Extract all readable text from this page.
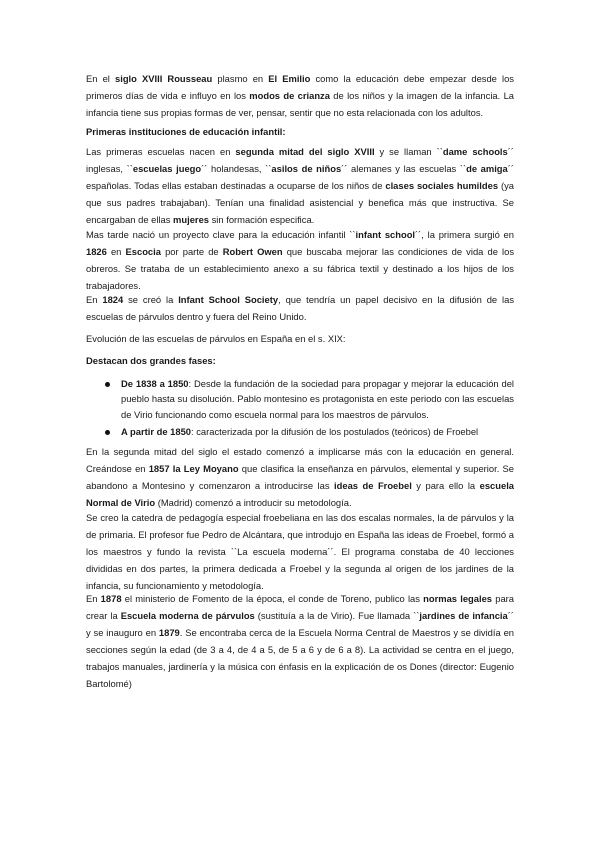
En el siglo XVIII Rousseau plasmo en El Emilio como la educación debe empezar desde los primeros días de vida e influyo en los modos de crianza de los niños y la imagen de la infancia. La infancia tiene sus propias formas de ver, pensar, sentir que no esta relacionada con los adultos.

Primeras instituciones de educación infantil:

Las primeras escuelas nacen en segunda mitad del siglo XVIII y se llaman ``dame schools´´ inglesas, ``escuelas juego´´ holandesas, ``asilos de niños´´ alemanes y las escuelas ``de amiga´´ españolas. Todas ellas estaban destinadas a ocuparse de los niños de clases sociales humildes (ya que sus padres trabajaban). Tenían una finalidad asistencial y benefica más que instructiva. Se encargaban de ellas mujeres sin formación especifica.

Mas tarde nació un proyecto clave para la educación infantil ``infant school´´, la primera surgió en 1826 en Escocia por parte de Robert Owen que buscaba mejorar las condiciones de vida de los obreros. Se trataba de un establecimiento anexo a su fábrica textil y destinado a los hijos de los trabajadores.

En 1824 se creó la Infant School Society, que tendría un papel decisivo en la difusión de las escuelas de párvulos dentro y fuera del Reino Unido.

Evolución de las escuelas de párvulos en España en el s. XIX:

Destacan dos grandes fases:

De 1838 a 1850: Desde la fundación de la sociedad para propagar y mejorar la educación del pueblo hasta su disolución. Pablo montesino es protagonista en este periodo con las escuelas de Virio funcionando como escuela normal para los maestros de párvulos.
A partir de 1850: caracterizada por la difusión de los postulados (teóricos) de Froebel

En la segunda mitad del siglo el estado comenzó a implicarse más con la educación en general. Creándose en 1857 la Ley Moyano que clasifica la enseñanza en párvulos, elemental y superior. Se abandono a Montesino y comenzaron a introducirse las ideas de Froebel y para ello la escuela Normal de Virio (Madrid) comenzó a introducir su metodología.

Se creo la catedra de pedagogía especial froebeliana en las dos escalas normales, la de párvulos y la de primaria. El profesor fue Pedro de Alcántara, que introdujo en España las ideas de Froebel, formó a los maestros y fundo la revista ``La escuela moderna´´. El programa constaba de 40 lecciones divididas en dos partes, la primera dedicada a Froebel y la segunda al origen de los jardines de la infancia, su funcionamiento y metodología.

En 1878 el ministerio de Fomento de la época, el conde de Toreno, publico las normas legales para crear la Escuela moderna de párvulos (sustituía a la de Virio). Fue llamada ``jardines de infancia´´ y se inauguro en 1879. Se encontraba cerca de la Escuela Norma Central de Maestros y se dividía en secciones según la edad (de 3 a 4, de 4 a 5, de 5 a 6 y de 6 a 8). La actividad se centra en el juego, trabajos manuales, jardinería y la música con énfasis en la explicación de os Dones (director: Eugenio Bartolomé)
